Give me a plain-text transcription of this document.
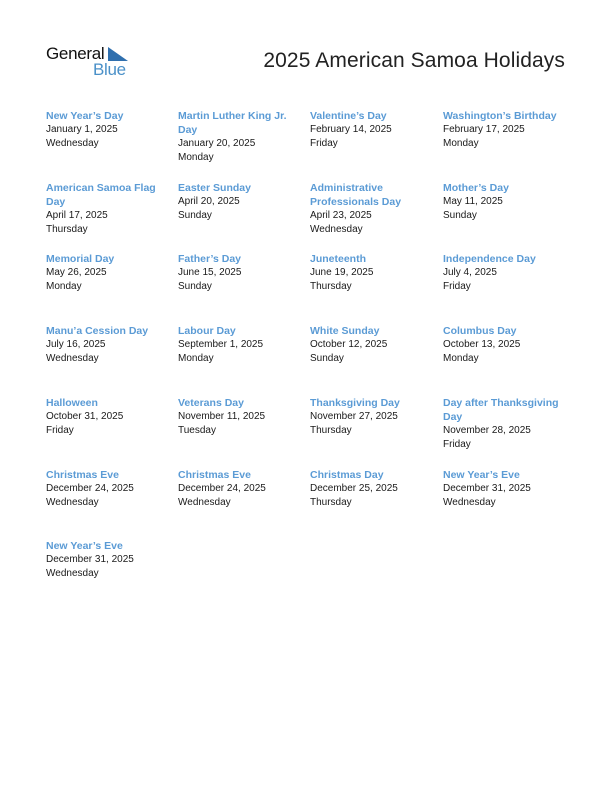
General
Blue	2025 American Samoa Holidays
New Year’s Day
January 1, 2025
Wednesday
Martin Luther King Jr. Day
January 20, 2025
Monday
Valentine’s Day
February 14, 2025
Friday
Washington’s Birthday
February 17, 2025
Monday
American Samoa Flag Day
April 17, 2025
Thursday
Easter Sunday
April 20, 2025
Sunday
Administrative Professionals Day
April 23, 2025
Wednesday
Mother’s Day
May 11, 2025
Sunday
Memorial Day
May 26, 2025
Monday
Father’s Day
June 15, 2025
Sunday
Juneteenth
June 19, 2025
Thursday
Independence Day
July 4, 2025
Friday
Manu’a Cession Day
July 16, 2025
Wednesday
Labour Day
September 1, 2025
Monday
White Sunday
October 12, 2025
Sunday
Columbus Day
October 13, 2025
Monday
Halloween
October 31, 2025
Friday
Veterans Day
November 11, 2025
Tuesday
Thanksgiving Day
November 27, 2025
Thursday
Day after Thanksgiving Day
November 28, 2025
Friday
Christmas Eve
December 24, 2025
Wednesday
Christmas Eve
December 24, 2025
Wednesday
Christmas Day
December 25, 2025
Thursday
New Year’s Eve
December 31, 2025
Wednesday
New Year’s Eve
December 31, 2025
Wednesday
